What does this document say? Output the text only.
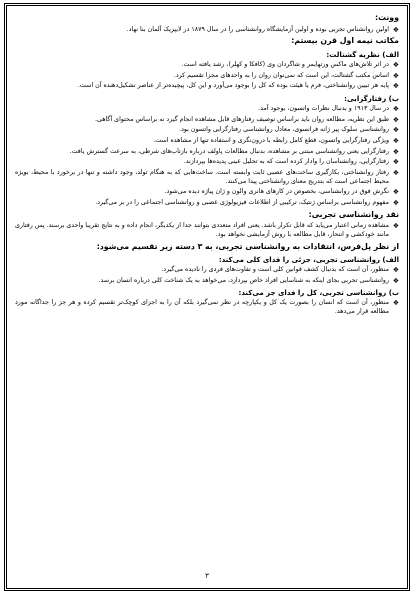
وونت:
❖
اولین روانشناس تجربی بوده و اولین آزمایشگاه روانشناسی را در سال ۱۸۷۹ در لایپزیک آلمان بنا نهاد.
مکاتب نیمه اول قرن بیستم:
الف) نظریه گشتالت:
❖
در اثر تلاش‌های ماکس ورتهایمر و شاگردان وی (کافکا و کهلر)، رشد یافته است.
❖
اساس مکتب گشتالت، این است که نمی‌توان روان را به واحدهای مجزا تقسیم کرد.
❖
پایه هر تبیین روانشناختی، فرم یا هیئت بوده که کل را بوجود می‌آورد و این کل، پیچیده‌تر از عناصر تشکیل‌دهنده آن است.
ب) رفتارگرایی:
❖
در سال ۱۹۱۳ و بدنبال نظرات واتسون، بوجود آمد.
❖
طبق این نظریه، مطالعه روان باید براساس توصیف رفتارهای قابل مشاهده انجام گیرد نه براساس محتوای آگاهی.
❖
روانشناسی سلوک پیر ژانه فرانسوی، معادل روانشناسی رفتارگرایی واتسون بود.
❖
ویژگی رفتارگرایی واتسون، قطع کامل رابطه با درون‌نگری و استفاده تنها از مشاهده است.
❖
رفتارگرایی یعنی روانشناسی مبتنی بر مشاهده، بدنبال مطالعات پاولف درباره بازتاب‌های شرطی، به سرعت گسترش یافت.
❖
رفتارگرایی، روانشناسان را وادار کرده است که به تحلیل عینی پدیده‌ها بپردازند.
❖
رفتار روانشناختی، بکارگیری ساخت‌های عصبی ثابت وابسته است. ساخت‌هایی که به هنگام تولد، وجود داشته و تنها در برخورد با محیط، بویژه محیط اجتماعی است که بتدریج معنای روانشناختی پیدا می‌کنند.
❖
نگرش فوق در روانشناسی، بخصوص در کارهای هانری والون و ژان پیاژه دیده می‌شود.
❖
مفهوم روانشناسی براساس ژنتیک، ترکیبی از اطلاعات فیزیولوژی عصبی و روانشناسی اجتماعی را در بر می‌گیرد.
نقد روانشناسی تجربی:
❖
مشاهده زمانی اعتبار می‌یابد که قابل تکرار باشد. یعنی افراد متعددی بتوانند جدا از یکدیگر، انجام داده و به نتایج تقریبا واحدی برسند. پس رفتاری مانند خودکشی و انتحار، قابل مطالعه با روش آزمایشی نخواهد بود.
از نظر پل‌فرس، انتقادات به روانشناسی تجربی، به ۳ دسته زیر تقسیم می‌شود:
الف) روانشناسی تجربی، جزئی را فدای کلی می‌کند:
❖
منظور، آن است که بدنبال کشف قوانین کلی است و تفاوت‌های فردی را نادیده می‌گیرد.
❖
روانشناسی تجربی بجای اینکه به شناسایی افراد خاص بپردازد، می‌خواهد به یک شناخت کلی درباره انسان برسد.
ب) روانشناسی تجربی، کل را فدای جز می‌کند:
❖
منظور، آن است که انسان را بصورت یک کل و یکپارچه در نظر نمی‌گیرد بلکه آن را به اجزای کوچک‌تر تقسیم کرده و هر جز را جداگانه مورد مطالعه قرار می‌دهد.
۳
